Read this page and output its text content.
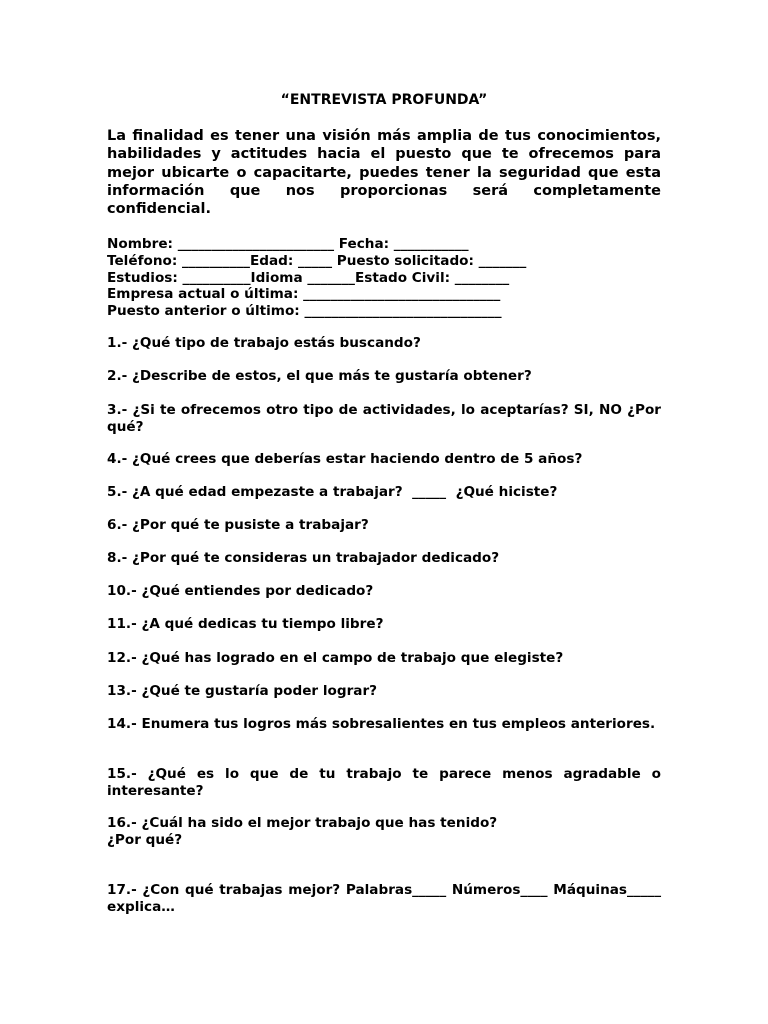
“ENTREVISTA PROFUNDA”

La finalidad es tener una visión más amplia de tus conocimientos, habilidades y actitudes hacia el puesto que te ofrecemos para mejor ubicarte o capacitarte, puedes tener la seguridad que esta información que nos proporcionas será completamente confidencial.

Nombre: _______________________ Fecha: ___________

Teléfono: __________Edad: _____ Puesto solicitado: _______

Estudios: __________Idioma _______Estado Civil: ________

Empresa actual o última: _____________________________

Puesto anterior o último: _____________________________

1.- ¿Qué tipo de trabajo estás buscando?

2.- ¿Describe de estos, el que más te gustaría obtener?

3.- ¿Si te ofrecemos otro tipo de actividades, lo aceptarías? SI, NO ¿Por qué?

4.- ¿Qué crees que deberías estar haciendo dentro de 5 años?

5.- ¿A qué edad empezaste a trabajar?  _____  ¿Qué hiciste?

6.- ¿Por qué te pusiste a trabajar?

8.- ¿Por qué te consideras un trabajador dedicado?

10.- ¿Qué entiendes por dedicado?

11.- ¿A qué dedicas tu tiempo libre?

12.- ¿Qué has logrado en el campo de trabajo que elegiste?

13.- ¿Qué te gustaría poder lograr?

14.- Enumera tus logros más sobresalientes en tus empleos anteriores.

15.- ¿Qué es lo que de tu trabajo te parece menos agradable o interesante?

16.- ¿Cuál ha sido el mejor trabajo que has tenido?
¿Por qué?

17.- ¿Con qué trabajas mejor? Palabras_____ Números____ Máquinas_____ explica…
